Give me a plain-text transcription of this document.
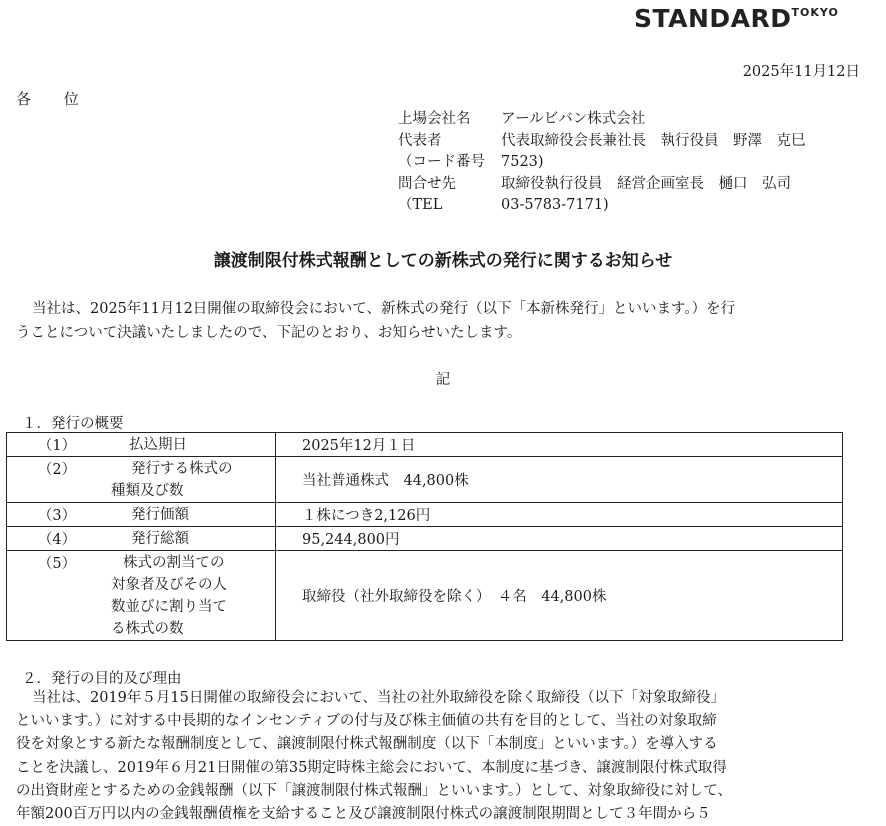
$STANDARD^{TOKYO}$
2025年11月12日
各 位
上場会社名	アールビバン株式会社
代表者	代表取締役会長兼社長　執行役員　野澤　克巳
（コード番号	7523)
問合せ先	取締役執行役員　経営企画室長　樋口　弘司
（TEL	03-5783-7171)
譲渡制限付株式報酬としての新株式の発行に関するお知らせ

当社は、2025年11月12日開催の取締役会において、新株式の発行（以下「本新株発行」といいます。）を行

うことについて決議いたしましたので、下記のとおり、お知らせいたします。

記
１．発行の概要
（1） 払込期日	2025年12月１日

（2） 発行する株式の
種類及び数	当社普通株式　44,800株

（3） 発行価額	１株につき2,126円

（4） 発行総額	95,244,800円

（5） 株式の割当ての
対象者及びその人
数並びに割り当て
る株式の数	取締役（社外取締役を除く）　４名　44,800株
２．発行の目的及び理由

当社は、2019年５月15日開催の取締役会において、当社の社外取締役を除く取締役（以下「対象取締役」

といいます。）に対する中長期的なインセンティブの付与及び株主価値の共有を目的として、当社の対象取締

役を対象とする新たな報酬制度として、譲渡制限付株式報酬制度（以下「本制度」といいます。）を導入する

ことを決議し、2019年６月21日開催の第35期定時株主総会において、本制度に基づき、譲渡制限付株式取得

の出資財産とするための金銭報酬（以下「譲渡制限付株式報酬」といいます。）として、対象取締役に対して、

年額200百万円以内の金銭報酬債権を支給すること及び譲渡制限付株式の譲渡制限期間として３年間から５
